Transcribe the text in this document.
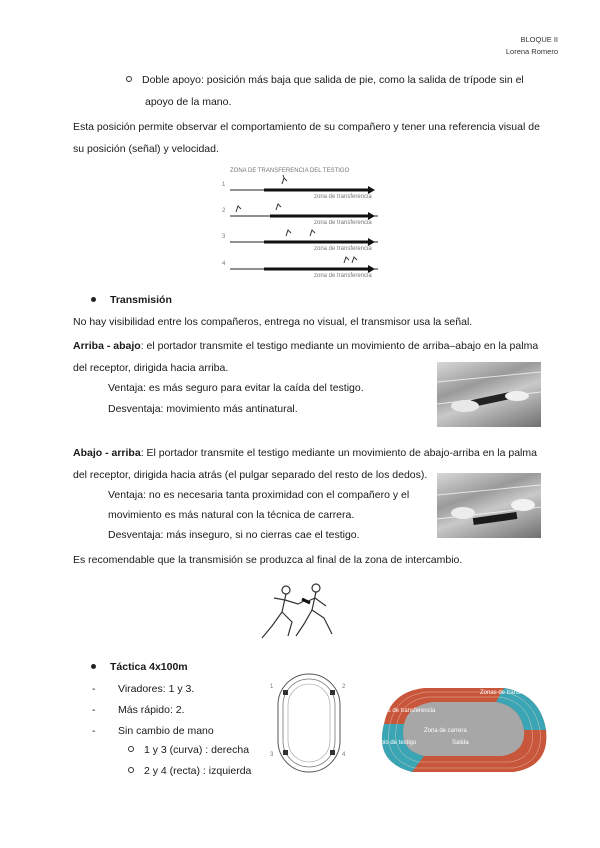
BLOQUE II
Lorena Romero
Doble apoyo: posición más baja que salida de pie, como la salida de trípode sin el
apoyo de la mano.
Esta posición permite observar el comportamiento de su compañero y tener una referencia visual de
su posición (señal) y velocidad.
ZONA DE TRANSFERENCIA DEL TESTIGO
1
2
3
4
zona de transferencia
zona de transferencia
zona de transferencia
zona de transferencia
Transmisión
No hay visibilidad entre los compañeros, entrega no visual, el transmisor usa la señal.
Arriba - abajo: el portador transmite el testigo mediante un movimiento de arriba–abajo en la palma
del receptor, dirigida hacia arriba.
Ventaja: es más seguro para evitar la caída del testigo.
Desventaja: movimiento más antinatural.
Abajo - arriba: El portador transmite el testigo mediante un movimiento de abajo-arriba en la palma
del receptor, dirigida hacia atrás (el pulgar separado del resto de los dedos).
Ventaja: no es necesaria tanta proximidad con el compañero y el
movimiento es más natural con la técnica de carrera.
Desventaja: más inseguro, si no cierras cae el testigo.
Es recomendable que la transmisión se produzca al final de la zona de intercambio.
Táctica 4x100m
- Viradores: 1 y 3.
- Más rápido: 2.
- Sin cambio de mano
1 y 3 (curva) : derecha
2 y 4 (recta) : izquierda
1	2
3	4
Zonas de transferencia
Zonas de transferencia
Zona de carrera
Salida
Cambio de testigo
